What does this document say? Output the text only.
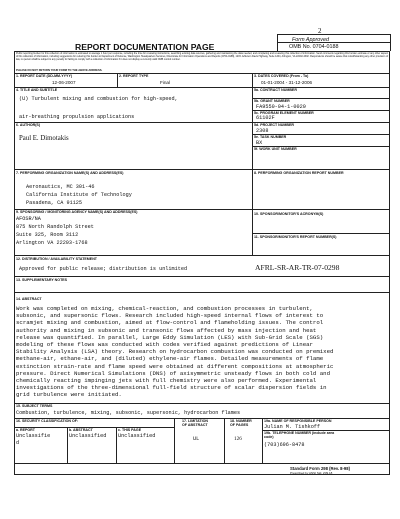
2
REPORT DOCUMENTATION PAGE
Form Approved
OMB No. 0704-0188
Public reporting burden for this collection of information is estimated to average 1 hour per response, including the time for reviewing instructions, searching existing data sources, gathering and maintaining the data needed, and completing and reviewing this collection of information. Send comments regarding this burden estimate or any other aspect of this collection of information, including suggestions for reducing this burden to Department of Defense, Washington Headquarters Services, Directorate for Information Operations and Reports (0704-0188), 1215 Jefferson Davis Highway, Suite 1204, Arlington, VA 22202-4302. Respondents should be aware that notwithstanding any other provision of law, no person shall be subject to any penalty for failing to comply with a collection of information if it does not display a currently valid OMB control number.
PLEASE DO NOT RETURN YOUR FORM TO THE ABOVE ADDRESS.
1. REPORT DATE (DD-MM-YYYY)
12-06-2007
2. REPORT TYPE
Final
3. DATES COVERED (From - To)
01-01-2004 - 31-12-2006
4. TITLE AND SUBTITLE
(U) Turbulent mixing and combustion for high-speed,
air-breathing propulsion applications
5a. CONTRACT NUMBER
5b. GRANT NUMBER
FA9550-04-1-0020
5c. PROGRAM ELEMENT NUMBER
61102F
6. AUTHOR(S)
Paul E. Dimotakis
5d. PROJECT NUMBER
2308
5e. TASK NUMBER
BX
5f. WORK UNIT NUMBER
7. PERFORMING ORGANIZATION NAME(S) AND ADDRESS(ES)
Aeronautics, MC 301-46
California Institute of Technology
Pasadena, CA 91125
8. PERFORMING ORGANIZATION REPORT NUMBER
9. SPONSORING / MONITORING AGENCY NAME(S) AND ADDRESS(ES)
AFOSR/NA
875 North Randolph Street
Suite 325, Room 3112
Arlington VA 22203-1768
10. SPONSOR/MONITOR'S ACRONYM(S)
11. SPONSOR/MONITOR'S REPORT NUMBER(S)
12. DISTRIBUTION / AVAILABILITY STATEMENT
Approved for public release; distribution is unlimited	AFRL-SR-AR-TR-07-0298
13. SUPPLEMENTARY NOTES
14. ABSTRACT
Work was completed on mixing, chemical-reaction, and combustion processes in turbulent,
subsonic, and supersonic flows. Research included high-speed internal flows of interest to
scramjet mixing and combustion, aimed at flow-control and flameholding issues. The control
authority and mixing in subsonic and transonic flows affected by mass injection and heat
release was quantified. In parallel, Large Eddy Simulation (LES) with Sub-Grid Scale (SGS)
modeling of these flows was conducted with codes verified against predictions of Linear
Stability Analysis (LSA) theory. Research on hydrocarbon combustion was conducted on premixed
methane-air, ethane-air, and (diluted) ethylene-air flames. Detailed measurements of flame
extinction strain-rate and flame speed were obtained at different compositions at atmospheric
pressure. Direct Numerical Simulations (DNS) of axisymmetric unsteady flows in both cold and
chemically reacting impinging jets with full chemistry were also performed. Experimental
investigations of the three-dimensional full-field structure of scalar dispersion fields in
grid turbulence were initiated.
15. SUBJECT TERMS
Combustion, turbulence, mixing, subsonic, supersonic, hydrocarbon flames
16. SECURITY CLASSIFICATION OF:
a. REPORT
Unclassifie
d
b. ABSTRACT
Unclassified
c. THIS PAGE
Unclassified
17. LIMITATION
OF ABSTRACT
UL
18. NUMBER
OF PAGES
126
19a. NAME OF RESPONSIBLE PERSON
Julian M. Tishkoff
19b. TELEPHONE NUMBER (include area
code)
(703)696-8478
Standard Form 298 (Rev. 8-98)
Prescribed by ANSI Std. Z39.18
